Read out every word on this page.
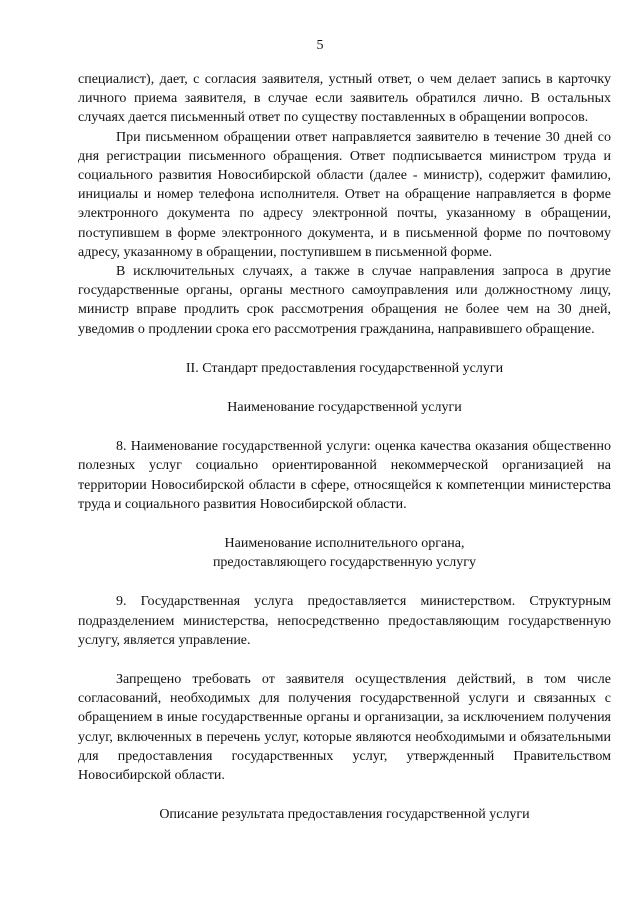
5

специалист), дает, с согласия заявителя, устный ответ, о чем делает запись в карточку личного приема заявителя, в случае если заявитель обратился лично. В остальных случаях дается письменный ответ по существу поставленных в обращении вопросов.

При письменном обращении ответ направляется заявителю в течение 30 дней со дня регистрации письменного обращения. Ответ подписывается министром труда и социального развития Новосибирской области (далее - министр), содержит фамилию, инициалы и номер телефона исполнителя. Ответ на обращение направляется в форме электронного документа по адресу электронной почты, указанному в обращении, поступившем в форме электронного документа, и в письменной форме по почтовому адресу, указанному в обращении, поступившем в письменной форме.

В исключительных случаях, а также в случае направления запроса в другие государственные органы, органы местного самоуправления или должностному лицу, министр вправе продлить срок рассмотрения обращения не более чем на 30 дней, уведомив о продлении срока его рассмотрения гражданина, направившего обращение.

II. Стандарт предоставления государственной услуги

Наименование государственной услуги

8. Наименование государственной услуги: оценка качества оказания общественно полезных услуг социально ориентированной некоммерческой организацией на территории Новосибирской области в сфере, относящейся к компетенции министерства труда и социального развития Новосибирской области.

Наименование исполнительного органа,

предоставляющего государственную услугу

9. Государственная услуга предоставляется министерством. Структурным подразделением министерства, непосредственно предоставляющим государственную услугу, является управление.

Запрещено требовать от заявителя осуществления действий, в том числе согласований, необходимых для получения государственной услуги и связанных с обращением в иные государственные органы и организации, за исключением получения услуг, включенных в перечень услуг, которые являются необходимыми и обязательными для предоставления государственных услуг, утвержденный Правительством Новосибирской области.

Описание результата предоставления государственной услуги
